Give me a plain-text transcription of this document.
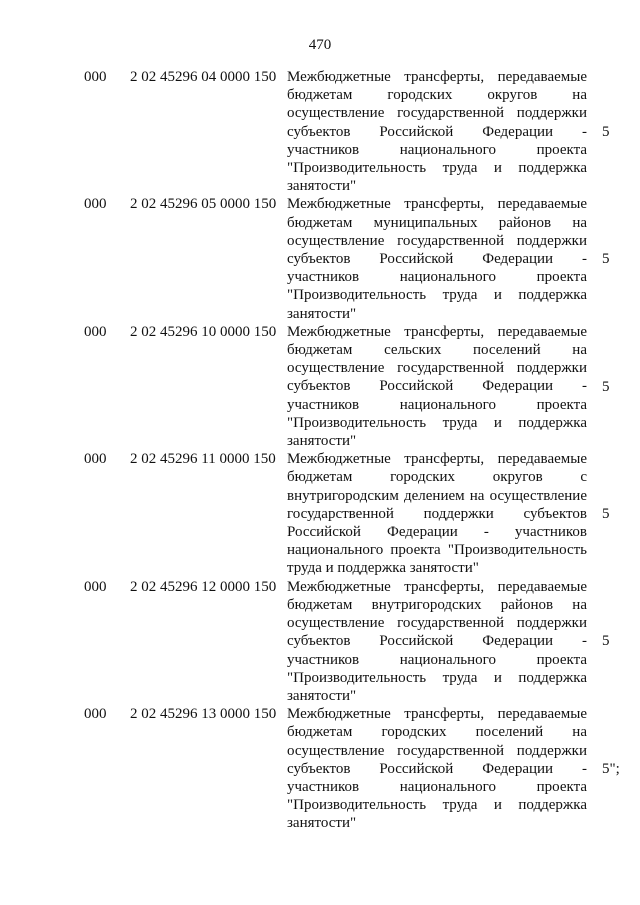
470
000 2 02 45296 04 0000 150 Межбюджетные трансферты, передаваемые бюджетам городских округов на осуществление государственной поддержки субъектов Российской Федерации - участников национального проекта "Производительность труда и поддержка занятости"
5
000 2 02 45296 05 0000 150 Межбюджетные трансферты, передаваемые бюджетам муниципальных районов на осуществление государственной поддержки субъектов Российской Федерации - участников национального проекта "Производительность труда и поддержка занятости"
5
000 2 02 45296 10 0000 150 Межбюджетные трансферты, передаваемые бюджетам сельских поселений на осуществление государственной поддержки субъектов Российской Федерации - участников национального проекта "Производительность труда и поддержка занятости"
5
000 2 02 45296 11 0000 150 Межбюджетные трансферты, передаваемые бюджетам городских округов с внутригородским делением на осуществление государственной поддержки субъектов Российской Федерации - участников национального проекта "Производительность труда и поддержка занятости"
5
000 2 02 45296 12 0000 150 Межбюджетные трансферты, передаваемые бюджетам внутригородских районов на осуществление государственной поддержки субъектов Российской Федерации - участников национального проекта "Производительность труда и поддержка занятости"
5
000 2 02 45296 13 0000 150 Межбюджетные трансферты, передаваемые бюджетам городских поселений на осуществление государственной поддержки субъектов Российской Федерации - участников национального проекта "Производительность труда и поддержка занятости"
5";
